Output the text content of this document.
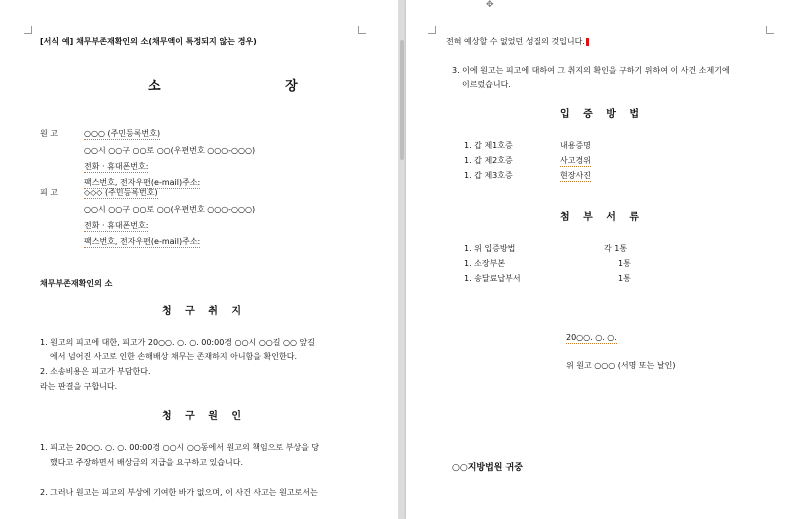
[서식 예] 채무부존재확인의 소(채무액이 특정되지 않는 경우)
소 장
원 고	○○○ (주민등록번호)
○○시 ○○구 ○○로 ○○(우편번호 ○○○-○○○)
전화 · 휴대폰번호:
팩스번호, 전자우편(e-mail)주소:
피 고	◇◇◇ (주민등록번호)
○○시 ○○구 ○○로 ○○(우편번호 ○○○-○○○)
전화 · 휴대폰번호:
팩스번호, 전자우편(e-mail)주소:
채무부존재확인의 소
청 구 취 지
1. 원고의 피고에 대한, 피고가 20○○. ○. ○. 00:00경 ○○시 ○○길 ○○ 앞길
에서 넘어진 사고로 인한 손해배상 채무는 존재하지 아니함을 확인한다.
2. 소송비용은 피고가 부담한다.
라는 판결을 구합니다.
청 구 원 인
1. 피고는 20○○. ○. ○. 00:00경 ○○시 ○○동에서 원고의 책임으로 부상을 당
했다고 주장하면서 배상금의 지급을 요구하고 있습니다.
2. 그러나 원고는 피고의 부상에 기여한 바가 없으며, 이 사건 사고는 원고로서는
전혀 예상할 수 없었던 성질의 것입니다.
3. 이에 원고는 피고에 대하여 그 취지의 확인을 구하기 위하여 이 사건 소제기에
이르렀습니다.
입 증 방 법
1. 갑 제1호증	내용증명
1. 갑 제2호증	사고경위
1. 갑 제3호증	현장사진
첨 부 서 류
1. 위 입증방법	각 1통
1. 소장부본	1통
1. 송달료납부서	1통
20○○. ○. ○.
위 원고 ○○○ (서명 또는 날인)
○○지방법원 귀중
✥
